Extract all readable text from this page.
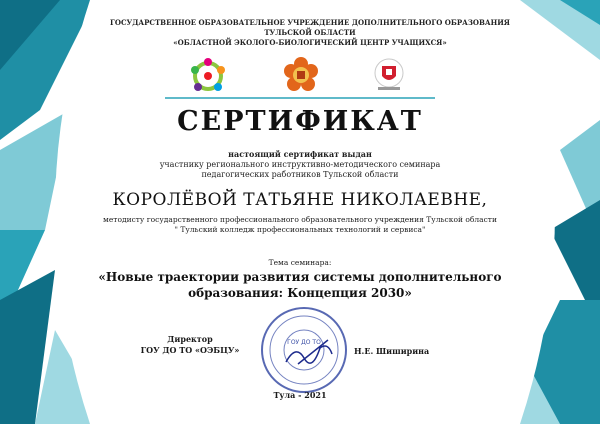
ГОСУДАРСТВЕННОЕ ОБРАЗОВАТЕЛЬНОЕ УЧРЕЖДЕНИЕ ДОПОЛНИТЕЛЬНОГО ОБРАЗОВАНИЯ
ТУЛЬСКОЙ ОБЛАСТИ
«ОБЛАСТНОЙ ЭКОЛОГО-БИОЛОГИЧЕСКИЙ ЦЕНТР УЧАЩИХСЯ»
СЕРТИФИКАТ
настоящий сертификат выдан
участнику регионального инструктивно-методического семинара
педагогических работников Тульской области
КОРОЛЁВОЙ ТАТЬЯНЕ НИКОЛАЕВНЕ,
методисту государственного профессионального образовательного учреждения Тульской области
" Тульский колледж профессиональных технологий и сервиса"
Тема семинара:
«Новые траектории развития системы дополнительного
образования: Концепция 2030»
Директор
ГОУ ДО ТО «ОЭБЦУ»
ГОУ ДО ТО
Н.Е. Шиширина
Тула - 2021
